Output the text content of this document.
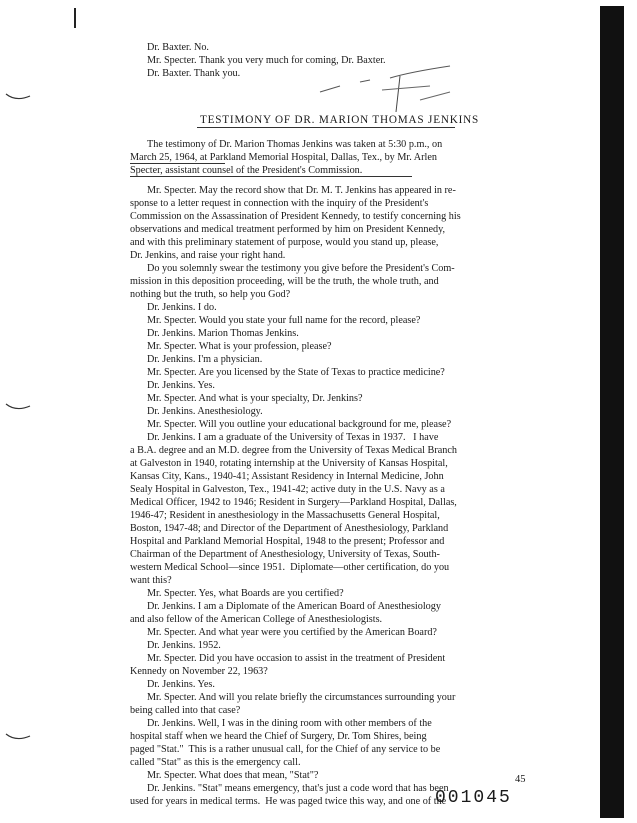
Dr. Baxter. No.
Mr. Specter. Thank you very much for coming, Dr. Baxter.
Dr. Baxter. Thank you.
TESTIMONY OF DR. MARION THOMAS JENKINS
The testimony of Dr. Marion Thomas Jenkins was taken at 5:30 p.m., on
March 25, 1964, at Parkland Memorial Hospital, Dallas, Tex., by Mr. Arlen
Specter, assistant counsel of the President's Commission.
Mr. Specter. May the record show that Dr. M. T. Jenkins has appeared in re-
sponse to a letter request in connection with the inquiry of the President's
Commission on the Assassination of President Kennedy, to testify concerning his
observations and medical treatment performed by him on President Kennedy,
and with this preliminary statement of purpose, would you stand up, please,
Dr. Jenkins, and raise your right hand.
Do you solemnly swear the testimony you give before the President's Com-
mission in this deposition proceeding, will be the truth, the whole truth, and
nothing but the truth, so help you God?
Dr. Jenkins. I do.
Mr. Specter. Would you state your full name for the record, please?
Dr. Jenkins. Marion Thomas Jenkins.
Mr. Specter. What is your profession, please?
Dr. Jenkins. I'm a physician.
Mr. Specter. Are you licensed by the State of Texas to practice medicine?
Dr. Jenkins. Yes.
Mr. Specter. And what is your specialty, Dr. Jenkins?
Dr. Jenkins. Anesthesiology.
Mr. Specter. Will you outline your educational background for me, please?
Dr. Jenkins. I am a graduate of the University of Texas in 1937.   I have
a B.A. degree and an M.D. degree from the University of Texas Medical Branch
at Galveston in 1940, rotating internship at the University of Kansas Hospital,
Kansas City, Kans., 1940-41; Assistant Residency in Internal Medicine, John
Sealy Hospital in Galveston, Tex., 1941-42; active duty in the U.S. Navy as a
Medical Officer, 1942 to 1946; Resident in Surgery—Parkland Hospital, Dallas,
1946-47; Resident in anesthesiology in the Massachusetts General Hospital,
Boston, 1947-48; and Director of the Department of Anesthesiology, Parkland
Hospital and Parkland Memorial Hospital, 1948 to the present; Professor and
Chairman of the Department of Anesthesiology, University of Texas, South-
western Medical School—since 1951.  Diplomate—other certification, do you
want this?
Mr. Specter. Yes, what Boards are you certified?
Dr. Jenkins. I am a Diplomate of the American Board of Anesthesiology
and also fellow of the American College of Anesthesiologists.
Mr. Specter. And what year were you certified by the American Board?
Dr. Jenkins. 1952.
Mr. Specter. Did you have occasion to assist in the treatment of President
Kennedy on November 22, 1963?
Dr. Jenkins. Yes.
Mr. Specter. And will you relate briefly the circumstances surrounding your
being called into that case?
Dr. Jenkins. Well, I was in the dining room with other members of the
hospital staff when we heard the Chief of Surgery, Dr. Tom Shires, being
paged "Stat."  This is a rather unusual call, for the Chief of any service to be
called "Stat" as this is the emergency call.
Mr. Specter. What does that mean, "Stat"?
Dr. Jenkins. "Stat" means emergency, that's just a code word that has been
used for years in medical terms.  He was paged twice this way, and one of the
45
001045
